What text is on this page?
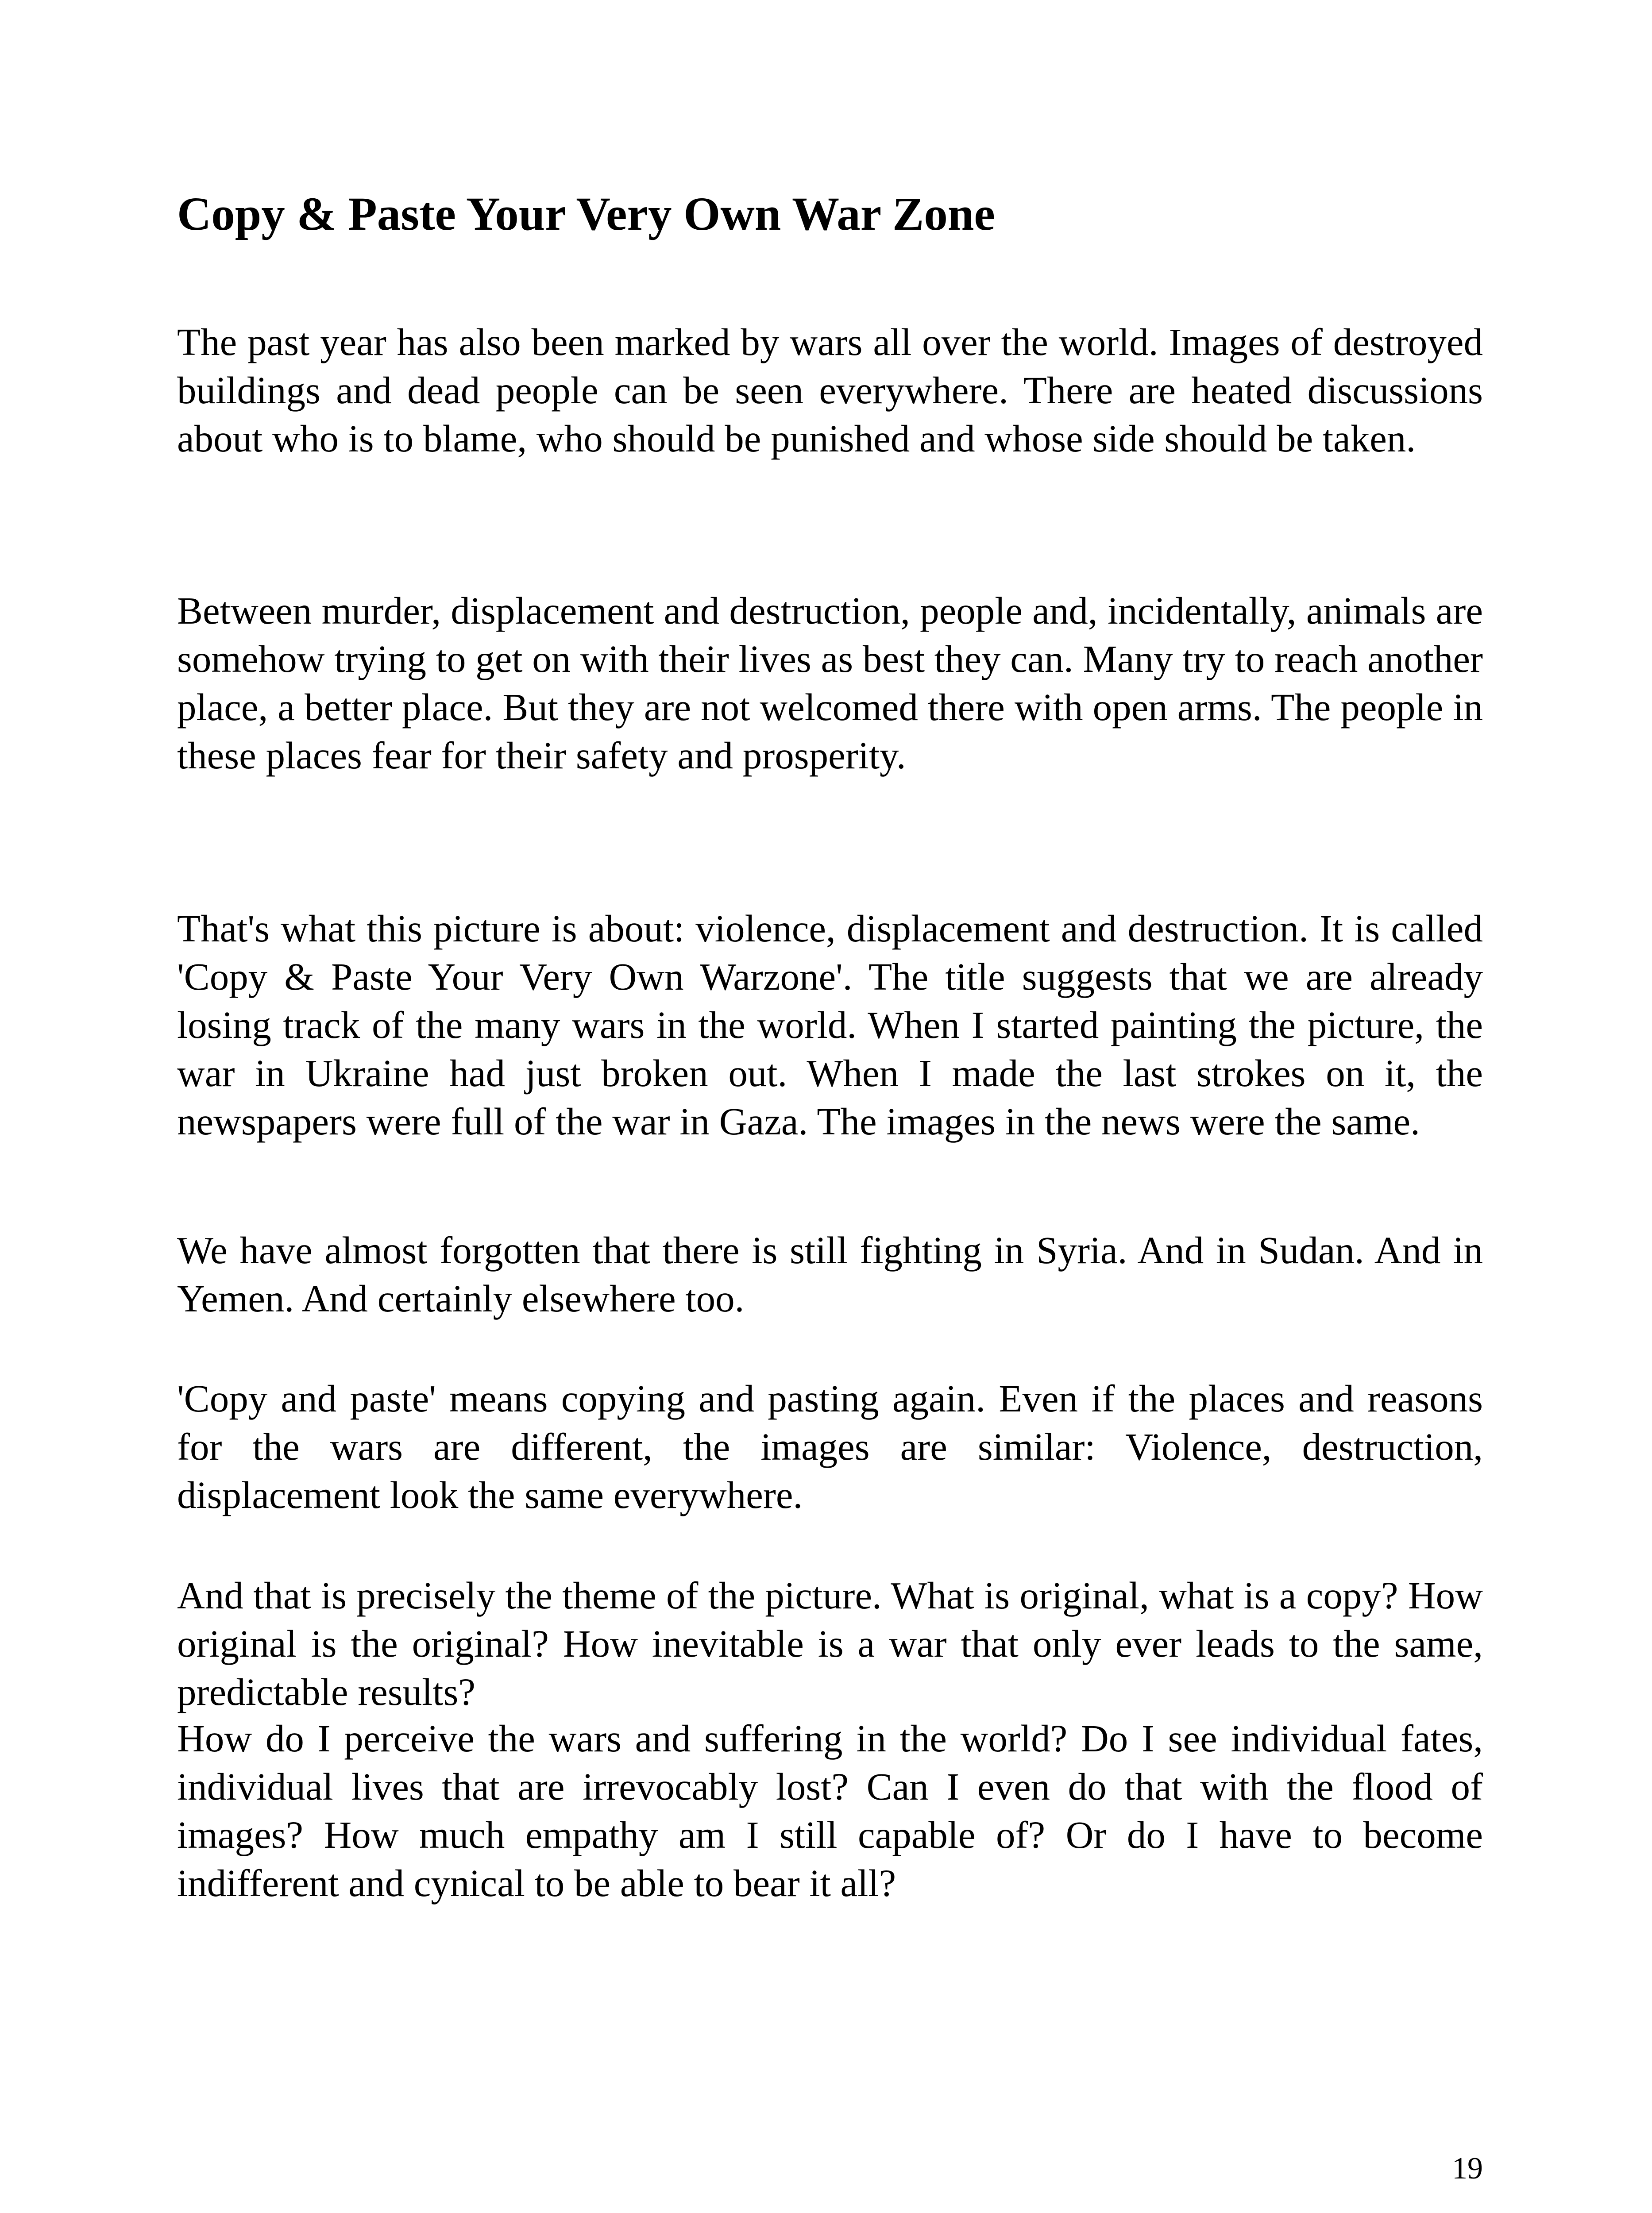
Copy & Paste Your Very Own War Zone

The past year has also been marked by wars all over the world. Images of destroyed buildings and dead people can be seen everywhere. There are heated discussions about who is to blame, who should be punished and whose side should be taken.

Between murder, displacement and destruction, people and, incidentally, animals are somehow trying to get on with their lives as best they can. Many try to reach another place, a better place. But they are not welcomed there with open arms. The people in these places fear for their safety and prosperity.

That's what this picture is about: violence, displacement and destruction. It is called 'Copy & Paste Your Very Own Warzone'. The title suggests that we are already losing track of the many wars in the world. When I started painting the picture, the war in Ukraine had just broken out. When I made the last strokes on it, the newspapers were full of the war in Gaza. The images in the news were the same.

We have almost forgotten that there is still fighting in Syria. And in Sudan. And in Yemen. And certainly elsewhere too.

'Copy and paste' means copying and pasting again. Even if the places and reasons for the wars are different, the images are similar: Violence, destruction, displacement look the same everywhere.

And that is precisely the theme of the picture. What is original, what is a copy? How original is the original? How inevitable is a war that only ever leads to the same, predictable results?

How do I perceive the wars and suffering in the world? Do I see individual fates, individual lives that are irrevocably lost? Can I even do that with the flood of images? How much empathy am I still capable of? Or do I have to become indifferent and cynical to be able to bear it all?

19
